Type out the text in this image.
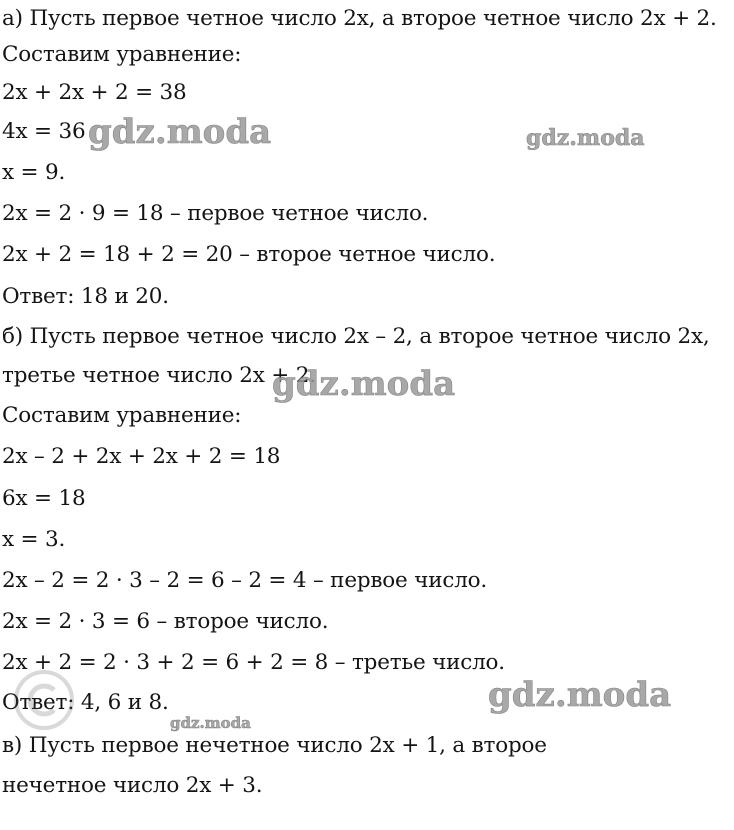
а) Пусть первое четное число 2x, а второе четное число 2x + 2.
Составим уравнение:
2x + 2x + 2 = 38
4x = 36
x = 9.
2x = 2 · 9 = 18 – первое четное число.
2x + 2 = 18 + 2 = 20 – второе четное число.
Ответ: 18 и 20.
б) Пусть первое четное число 2x – 2, а второе четное число 2x,
третье четное число 2x + 2.
Составим уравнение:
2x – 2 + 2x + 2x + 2 = 18
6x = 18
x = 3.
2x – 2 = 2 · 3 – 2 = 6 – 2 = 4 – первое число.
2x = 2 · 3 = 6 – второе число.
2x + 2 = 2 · 3 + 2 = 6 + 2 = 8 – третье число.
Ответ: 4, 6 и 8.
в) Пусть первое нечетное число 2x + 1, а второе
нечетное число 2x + 3.
gdz.moda	gdz.moda
gdz.moda
gdz.moda
gdz.moda
